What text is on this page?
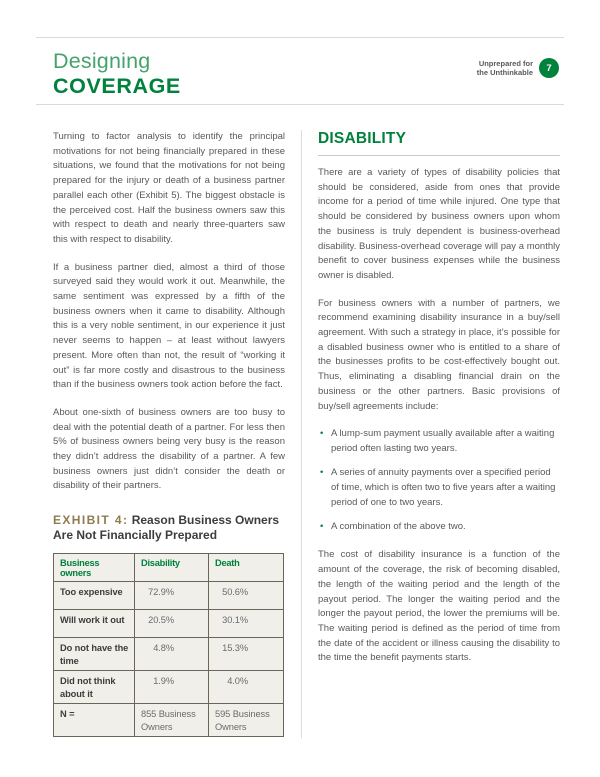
Designing
COVERAGE
Unprepared for
the Unthinkable	7

Turning to factor analysis to identify the principal motivations for not being financially prepared in these situations, we found that the motivations for not being prepared for the injury or death of a business partner parallel each other (Exhibit 5). The biggest obstacle is the perceived cost. Half the business owners saw this with respect to death and nearly three-quarters saw this with respect to disability.

If a business partner died, almost a third of those surveyed said they would work it out. Meanwhile, the same sentiment was expressed by a fifth of the business owners when it came to disability. Although this is a very noble sentiment, in our experience it just never seems to happen – at least without lawyers present. More often than not, the result of “working it out” is far more costly and disastrous to the business than if the business owners took action before the fact.

About one-sixth of business owners are too busy to deal with the potential death of a partner. For less then 5% of business owners being very busy is the reason they didn’t address the disability of a partner. A few business owners just didn’t consider the death or disability of their partners.

EXHIBIT 4: Reason Business Owners Are Not Financially Prepared
Business owners	Disability	Death
Too expensive	72.9%	50.6%
Will work it out	20.5%	30.1%
Do not have the time	4.8%	15.3%
Did not think about it	1.9%	4.0%
N =	855 Business Owners	595 Business Owners
DISABILITY

There are a variety of types of disability policies that should be considered, aside from ones that provide income for a period of time while injured. One type that should be considered by business owners upon whom the business is truly dependent is business-overhead disability. Business-overhead coverage will pay a monthly benefit to cover business expenses while the business owner is disabled.

For business owners with a number of partners, we recommend examining disability insurance in a buy/sell agreement. With such a strategy in place, it’s possible for a disabled business owner who is entitled to a share of the businesses profits to be cost-effectively bought out. Thus, eliminating a disabling financial drain on the business or the other partners. Basic provisions of buy/sell agreements include:

• A lump-sum payment usually available after a waiting period often lasting two years.
• A series of annuity payments over a specified period of time, which is often two to five years after a waiting period of one to two years.
• A combination of the above two.

The cost of disability insurance is a function of the amount of the coverage, the risk of becoming disabled, the length of the waiting period and the length of the payout period. The longer the waiting period and the longer the payout period, the lower the premiums will be. The waiting period is defined as the period of time from the date of the accident or illness causing the disability to the time the benefit payments starts.
